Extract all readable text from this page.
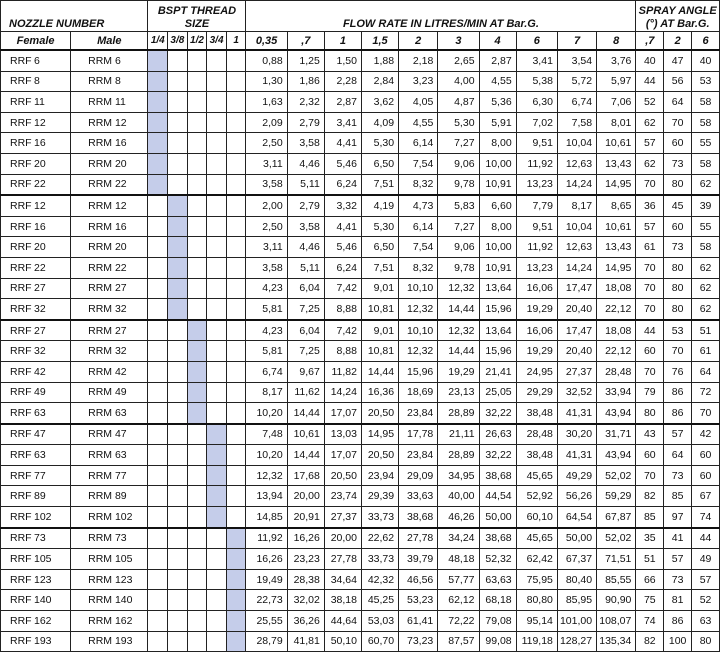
NOZZLE NUMBER		BSPT THREAD SIZE					FLOW RATE IN LITRES/MIN AT Bar.G.										SPRAY ANGLE (°) AT Bar.G.		
Female	Male	1/4	3/8	1/2	3/4	1	0,35	,7	1	1,5	2	3	4	6	7	8	,7	2	6
RRF 6	RRM 6						0,88	1,25	1,50	1,88	2,18	2,65	2,87	3,41	3,54	3,76	40	47	40
RRF 8	RRM 8						1,30	1,86	2,28	2,84	3,23	4,00	4,55	5,38	5,72	5,97	44	56	53
RRF 11	RRM 11						1,63	2,32	2,87	3,62	4,05	4,87	5,36	6,30	6,74	7,06	52	64	58
RRF 12	RRM 12						2,09	2,79	3,41	4,09	4,55	5,30	5,91	7,02	7,58	8,01	62	70	58
RRF 16	RRM 16						2,50	3,58	4,41	5,30	6,14	7,27	8,00	9,51	10,04	10,61	57	60	55
RRF 20	RRM 20						3,11	4,46	5,46	6,50	7,54	9,06	10,00	11,92	12,63	13,43	62	73	58
RRF 22	RRM 22						3,58	5,11	6,24	7,51	8,32	9,78	10,91	13,23	14,24	14,95	70	80	62
RRF 12	RRM 12						2,00	2,79	3,32	4,19	4,73	5,83	6,60	7,79	8,17	8,65	36	45	39
RRF 16	RRM 16						2,50	3,58	4,41	5,30	6,14	7,27	8,00	9,51	10,04	10,61	57	60	55
RRF 20	RRM 20						3,11	4,46	5,46	6,50	7,54	9,06	10,00	11,92	12,63	13,43	61	73	58
RRF 22	RRM 22						3,58	5,11	6,24	7,51	8,32	9,78	10,91	13,23	14,24	14,95	70	80	62
RRF 27	RRM 27						4,23	6,04	7,42	9,01	10,10	12,32	13,64	16,06	17,47	18,08	70	80	62
RRF 32	RRM 32						5,81	7,25	8,88	10,81	12,32	14,44	15,96	19,29	20,40	22,12	70	80	62
RRF 27	RRM 27						4,23	6,04	7,42	9,01	10,10	12,32	13,64	16,06	17,47	18,08	44	53	51
RRF 32	RRM 32						5,81	7,25	8,88	10,81	12,32	14,44	15,96	19,29	20,40	22,12	60	70	61
RRF 42	RRM 42						6,74	9,67	11,82	14,44	15,96	19,29	21,41	24,95	27,37	28,48	70	76	64
RRF 49	RRM 49						8,17	11,62	14,24	16,36	18,69	23,13	25,05	29,29	32,52	33,94	79	86	72
RRF 63	RRM 63						10,20	14,44	17,07	20,50	23,84	28,89	32,22	38,48	41,31	43,94	80	86	70
RRF 47	RRM 47						7,48	10,61	13,03	14,95	17,78	21,11	26,63	28,48	30,20	31,71	43	57	42
RRF 63	RRM 63						10,20	14,44	17,07	20,50	23,84	28,89	32,22	38,48	41,31	43,94	60	64	60
RRF 77	RRM 77						12,32	17,68	20,50	23,94	29,09	34,95	38,68	45,65	49,29	52,02	70	73	60
RRF 89	RRM 89						13,94	20,00	23,74	29,39	33,63	40,00	44,54	52,92	56,26	59,29	82	85	67
RRF 102	RRM 102						14,85	20,91	27,37	33,73	38,68	46,26	50,00	60,10	64,54	67,87	85	97	74
RRF 73	RRM 73						11,92	16,26	20,00	22,62	27,78	34,24	38,68	45,65	50,00	52,02	35	41	44
RRF 105	RRM 105						16,26	23,23	27,78	33,73	39,79	48,18	52,32	62,42	67,37	71,51	51	57	49
RRF 123	RRM 123						19,49	28,38	34,64	42,32	46,56	57,77	63,63	75,95	80,40	85,55	66	73	57
RRF 140	RRM 140						22,73	32,02	38,18	45,25	53,23	62,12	68,18	80,80	85,95	90,90	75	81	52
RRF 162	RRM 162						25,55	36,26	44,64	53,03	61,41	72,22	79,08	95,14	101,00	108,07	74	86	63
RRF 193	RRM 193						28,79	41,81	50,10	60,70	73,23	87,57	99,08	119,18	128,27	135,34	82	100	80
